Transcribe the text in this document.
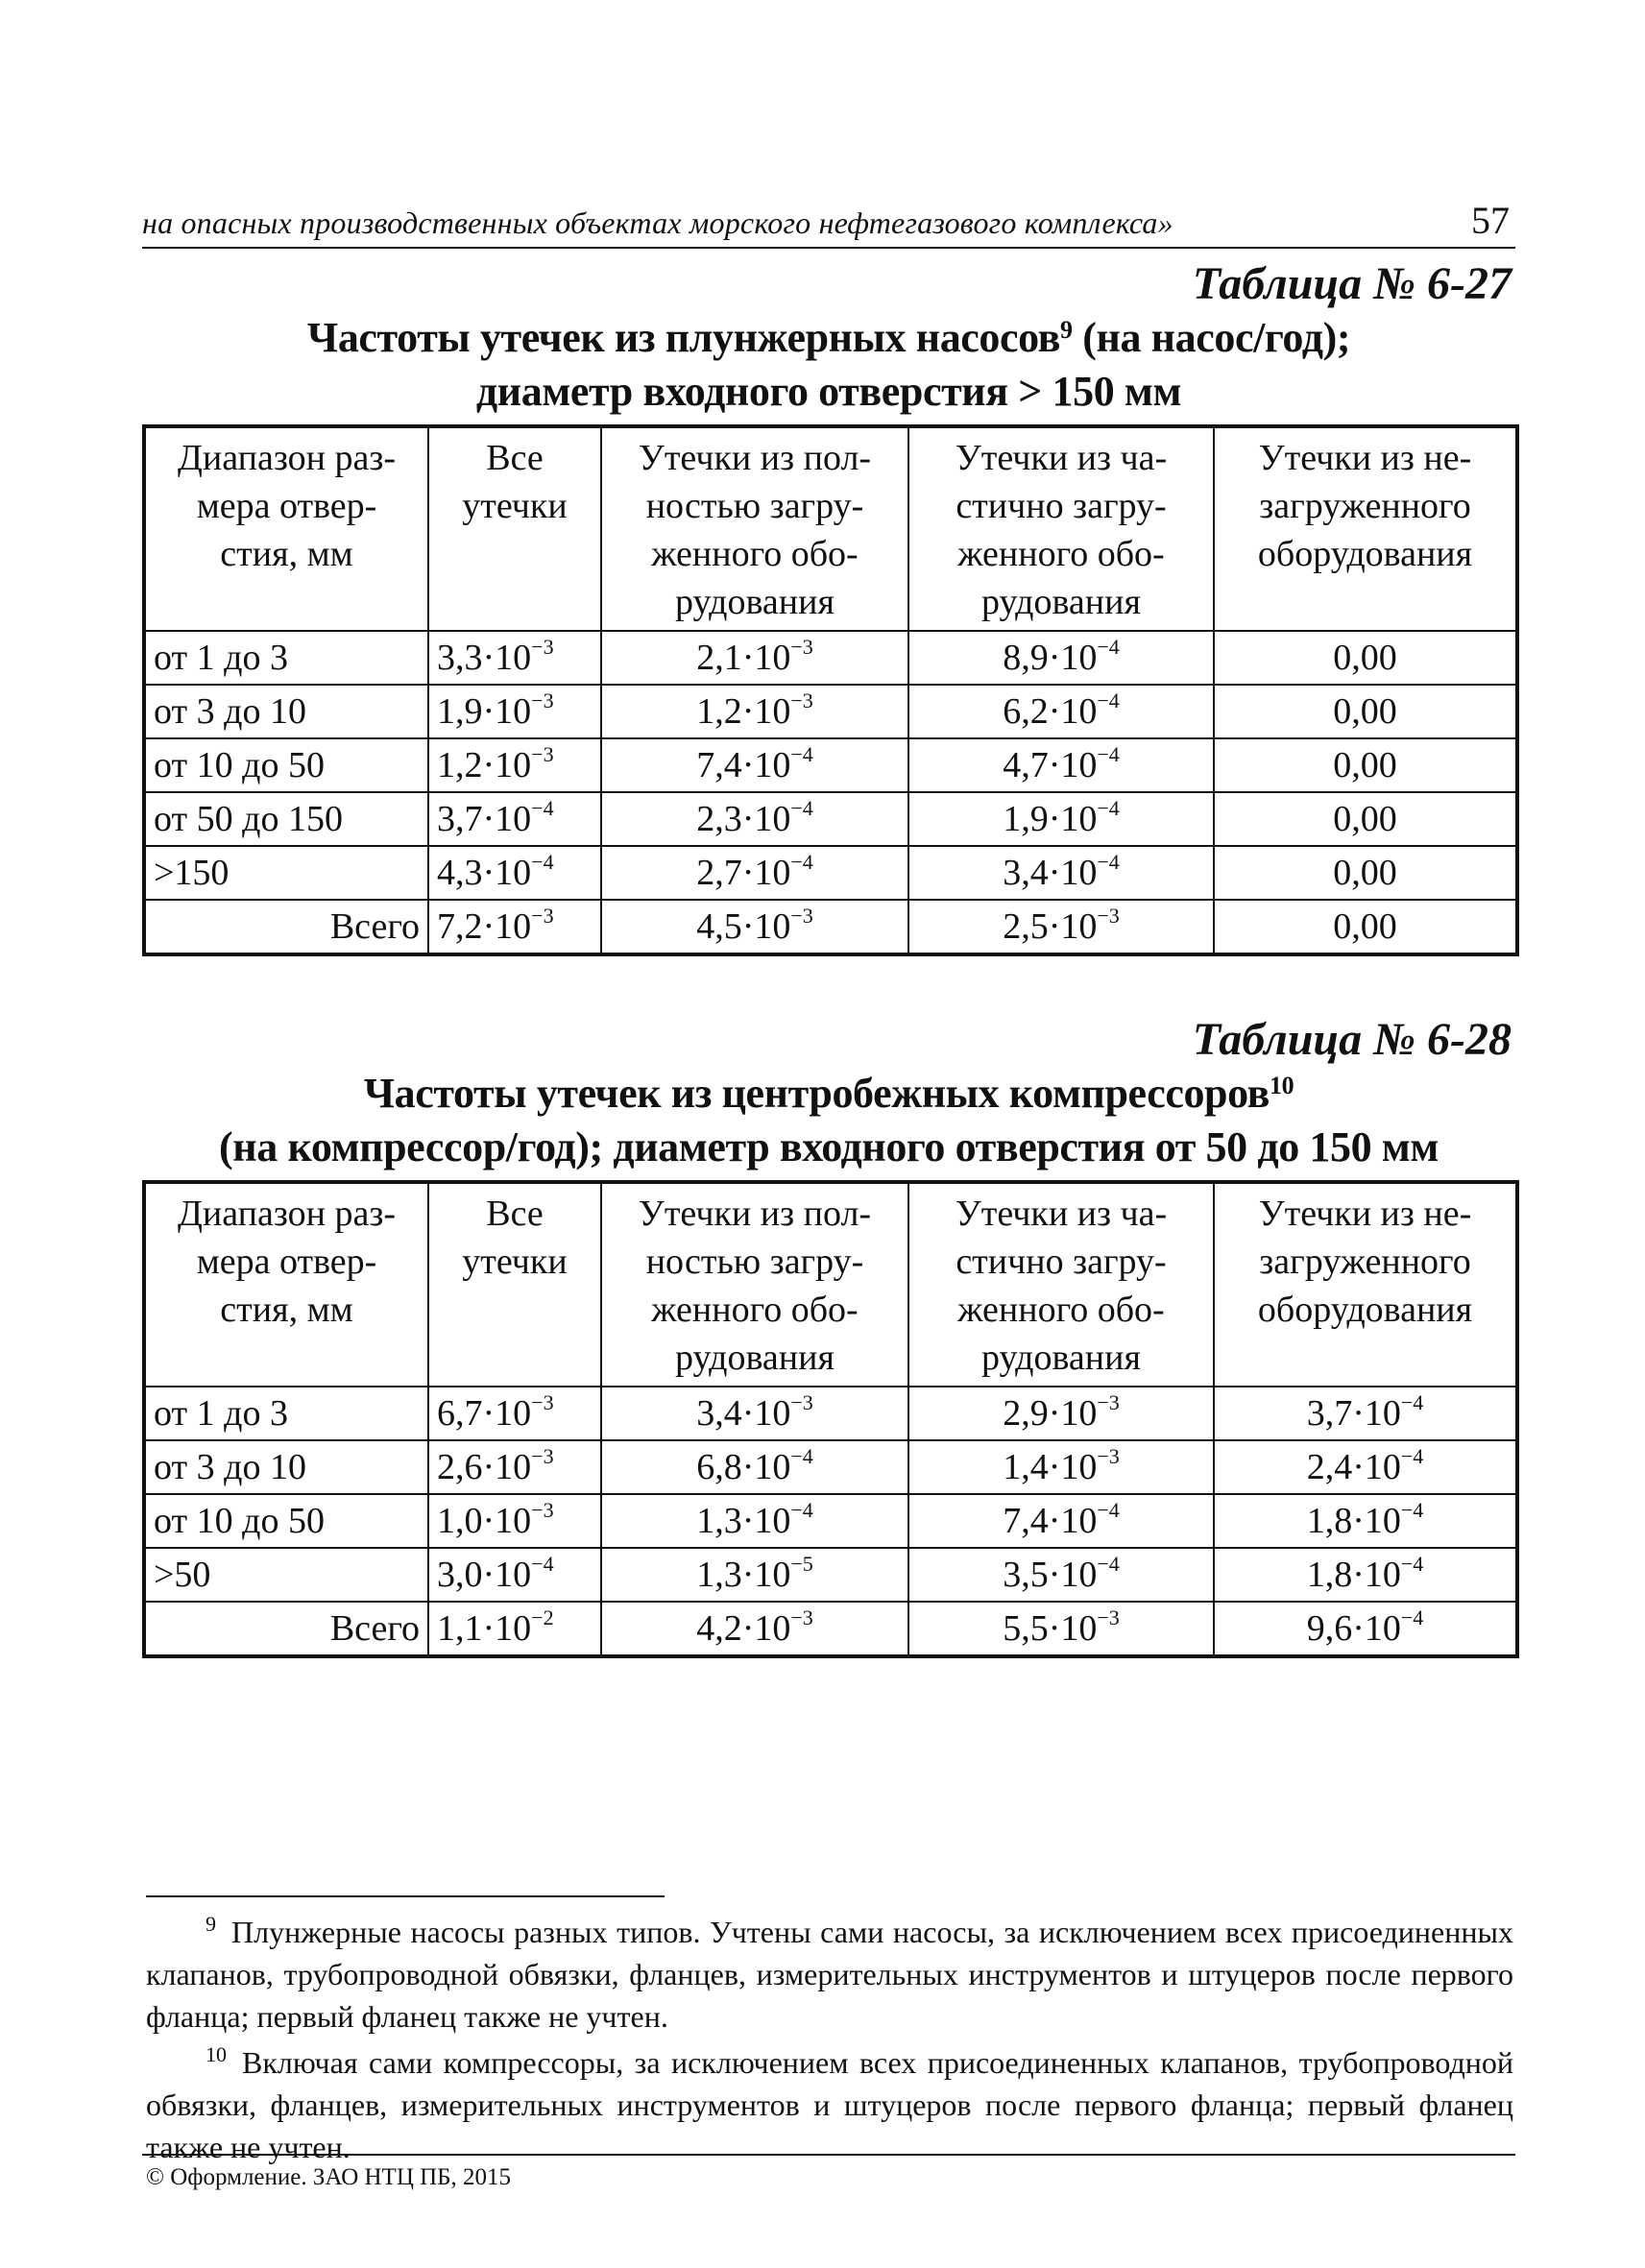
на опасных производственных объектах морского нефтегазового комплекса»	57
Таблица № 6-27
Частоты утечек из плунжерных насосов$^9$ (на насос/год);
диаметр входного отверстия > 150 мм
Диапазон раз-
мера отвер-
стия, мм	Все
утечки	Утечки из пол-
ностью загру-
женного обо-
рудования	Утечки из ча-
стично загру-
женного обо-
рудования	Утечки из не-
загруженного
оборудования
от 1 до 3	$3,3\cdot 10^{-3}$	$2,1\cdot 10^{-3}$	$8,9\cdot 10^{-4}$	0,00
от 3 до 10	$1,9\cdot 10^{-3}$	$1,2\cdot 10^{-3}$	$6,2\cdot 10^{-4}$	0,00
от 10 до 50	$1,2\cdot 10^{-3}$	$7,4\cdot 10^{-4}$	$4,7\cdot 10^{-4}$	0,00
от 50 до 150	$3,7\cdot 10^{-4}$	$2,3\cdot 10^{-4}$	$1,9\cdot 10^{-4}$	0,00
>150	$4,3\cdot 10^{-4}$	$2,7\cdot 10^{-4}$	$3,4\cdot 10^{-4}$	0,00
Всего	$7,2\cdot 10^{-3}$	$4,5\cdot 10^{-3}$	$2,5\cdot 10^{-3}$	0,00
Таблица № 6-28
Частоты утечек из центробежных компрессоров$^{10}$
(на компрессор/год); диаметр входного отверстия от 50 до 150 мм
Диапазон раз-
мера отвер-
стия, мм	Все
утечки	Утечки из пол-
ностью загру-
женного обо-
рудования	Утечки из ча-
стично загру-
женного обо-
рудования	Утечки из не-
загруженного
оборудования
от 1 до 3	$6,7\cdot 10^{-3}$	$3,4\cdot 10^{-3}$	$2,9\cdot 10^{-3}$	$3,7\cdot 10^{-4}$
от 3 до 10	$2,6\cdot 10^{-3}$	$6,8\cdot 10^{-4}$	$1,4\cdot 10^{-3}$	$2,4\cdot 10^{-4}$
от 10 до 50	$1,0\cdot 10^{-3}$	$1,3\cdot 10^{-4}$	$7,4\cdot 10^{-4}$	$1,8\cdot 10^{-4}$
>50	$3,0\cdot 10^{-4}$	$1,3\cdot 10^{-5}$	$3,5\cdot 10^{-4}$	$1,8\cdot 10^{-4}$
Всего	$1,1\cdot 10^{-2}$	$4,2\cdot 10^{-3}$	$5,5\cdot 10^{-3}$	$9,6\cdot 10^{-4}$

$^9$ Плунжерные насосы разных типов. Учтены сами насосы, за исключением всех присоединенных клапанов, трубопроводной обвязки, фланцев, измерительных инструментов и штуцеров после первого фланца; первый фланец также не учтен.

$^{10}$ Включая сами компрессоры, за исключением всех присоединенных клапанов, трубопроводной обвязки, фланцев, измерительных инструментов и штуцеров после первого фланца; первый фланец также не учтен.

© Оформление. ЗАО НТЦ ПБ, 2015
